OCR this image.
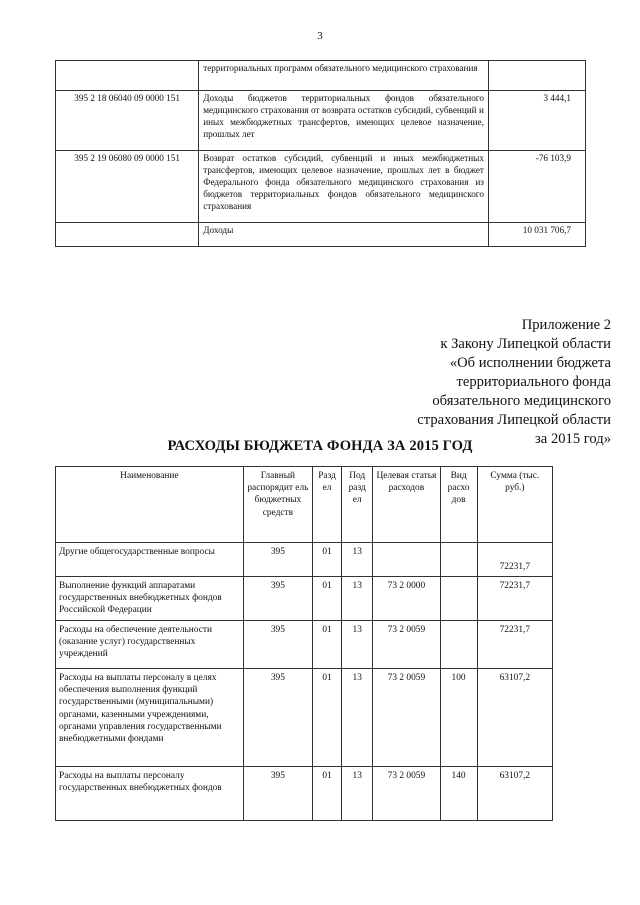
3
	территориальных программ обязательного медицинского страхования	
395 2 18 06040 09 0000 151	Доходы бюджетов территориальных фондов обязательного медицинского страхования от возврата остатков субсидий, субвенций и иных межбюджетных трансфертов, имеющих целевое назначение, прошлых лет	3 444,1
395 2 19 06080 09 0000 151	Возврат остатков субсидий, субвенций и иных межбюджетных трансфертов, имеющих целевое назначение, прошлых лет в бюджет Федерального фонда обязательного медицинского страхования из бюджетов территориальных фондов обязательного медицинского страхования	-76 103,9
	Доходы	10 031 706,7
Приложение 2
к Закону Липецкой области
«Об исполнении бюджета
территориального фонда
обязательного медицинского
страхования Липецкой области
за 2015 год»
РАСХОДЫ БЮДЖЕТА ФОНДА ЗА 2015 ГОД
Наименование	Главный распорядит ель бюджетных средств	Разд ел	Под разд ел	Целевая статья расходов	Вид расхо дов	Сумма (тыс. руб.)
Другие общегосударственные вопросы	395	01	13			72231,7
Выполнение функций аппаратами государственных внебюджетных фондов Российской Федерации	395	01	13	73 2 0000		72231,7
Расходы на обеспечение деятельности (оказание услуг) государственных учреждений	395	01	13	73 2 0059		72231,7
Расходы на выплаты персоналу в целях обеспечения выполнения функций государственными (муниципальными) органами, казенными учреждениями, органами управления государственными внебюджетными фондами	395	01	13	73 2 0059	100	63107,2
Расходы на выплаты персоналу государственных внебюджетных фондов	395	01	13	73 2 0059	140	63107,2
